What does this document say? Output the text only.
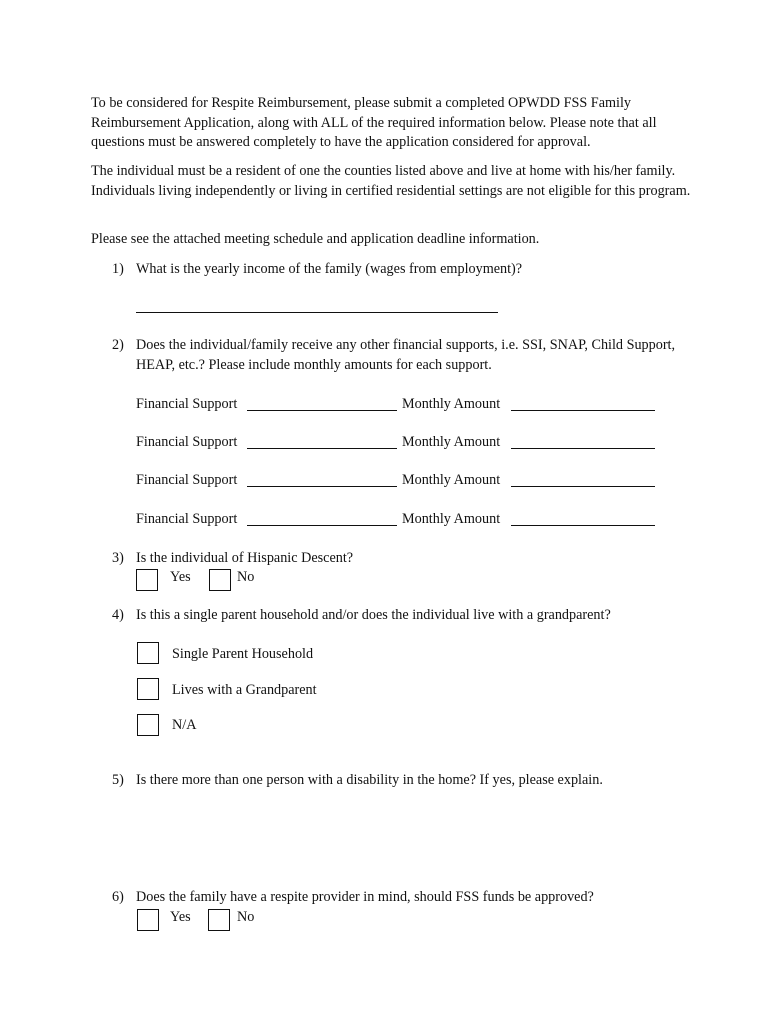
To be considered for Respite Reimbursement, please submit a completed OPWDD FSS Family Reimbursement Application, along with ALL of the required information below. Please note that all questions must be answered completely to have the application considered for approval.

The individual must be a resident of one the counties listed above and live at home with his/her family. Individuals living independently or living in certified residential settings are not eligible for this program.

Please see the attached meeting schedule and application deadline information.

1) What is the yearly income of the family (wages from employment)?
2) Does the individual/family receive any other financial supports, i.e. SSI, SNAP, Child Support, HEAP, etc.? Please include monthly amounts for each support.
Financial Support	Monthly Amount
Financial Support	Monthly Amount
Financial Support	Monthly Amount
Financial Support	Monthly Amount
3) Is the individual of Hispanic Descent?
Yes	No
4) Is this a single parent household and/or does the individual live with a grandparent?
Single Parent Household
Lives with a Grandparent
N/A
5) Is there more than one person with a disability in the home? If yes, please explain.
6) Does the family have a respite provider in mind, should FSS funds be approved?
Yes	No
